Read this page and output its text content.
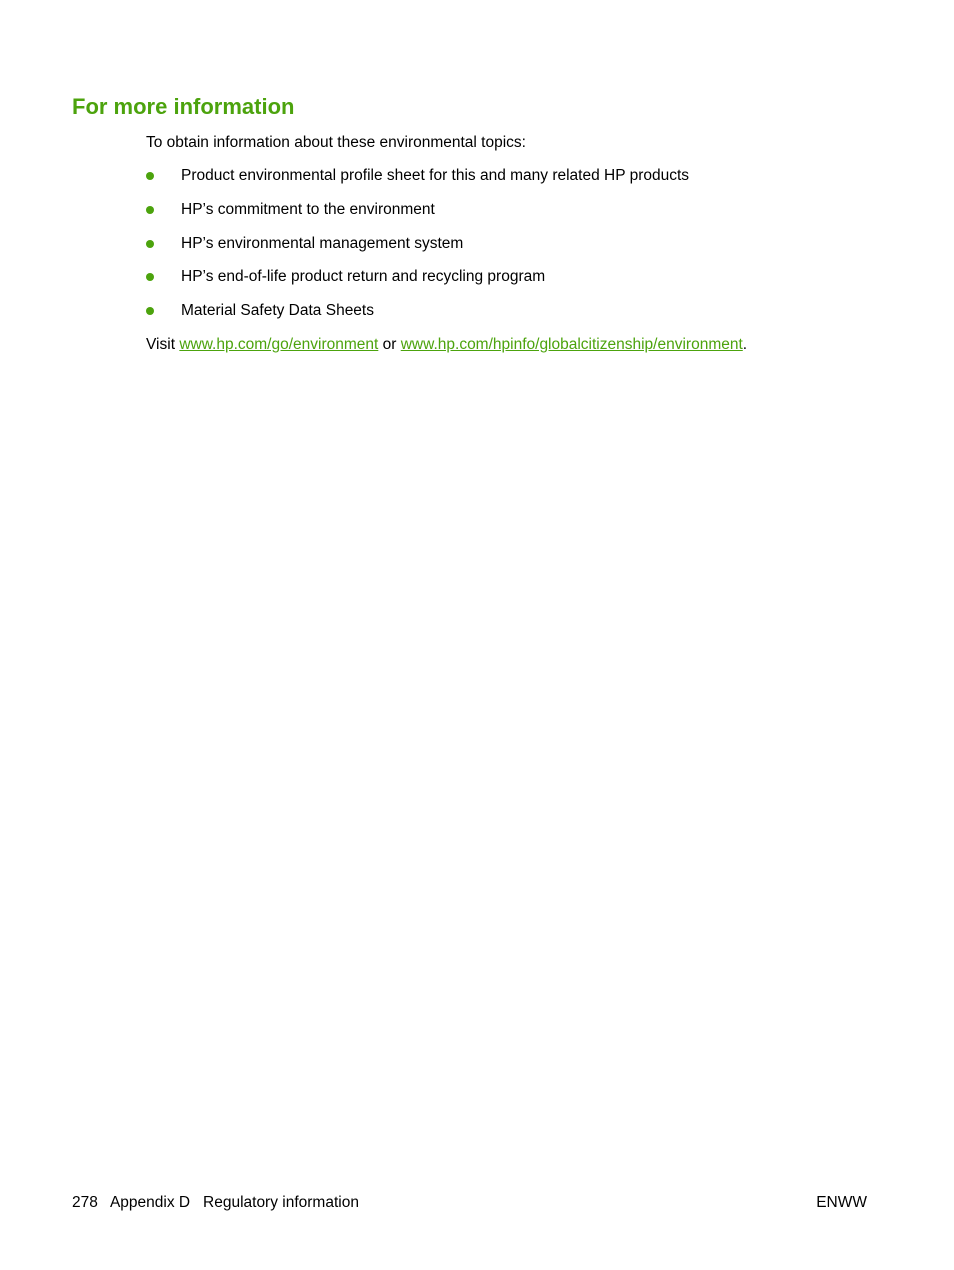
For more information

To obtain information about these environmental topics:

Product environmental profile sheet for this and many related HP products
HP’s commitment to the environment
HP’s environmental management system
HP’s end-of-life product return and recycling program
Material Safety Data Sheets

Visit www.hp.com/go/environment or www.hp.com/hpinfo/globalcitizenship/environment.

278 Appendix D Regulatory information	ENWW
